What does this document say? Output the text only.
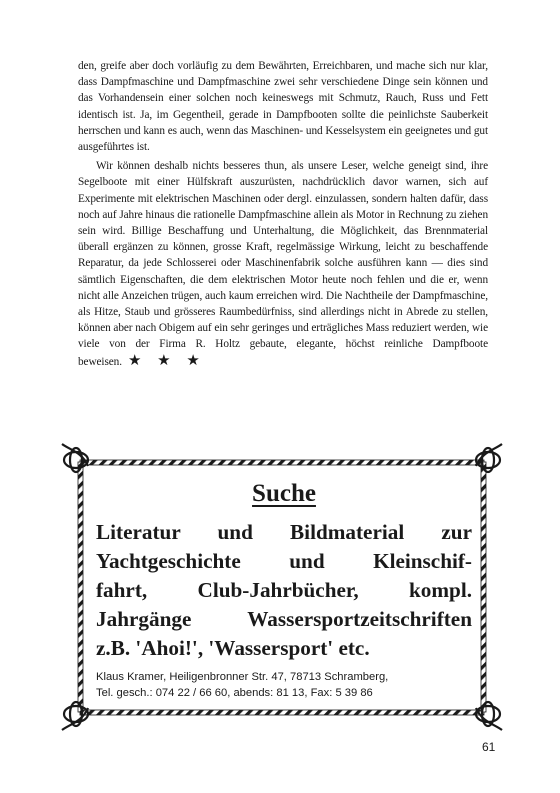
den, greife aber doch vorläufig zu dem Bewährten, Erreichbaren, und mache sich nur klar, dass Dampfmaschine und Dampfmaschine zwei sehr verschiedene Dinge sein können und das Vorhandensein einer solchen noch keineswegs mit Schmutz, Rauch, Russ und Fett identisch ist. Ja, im Gegentheil, gerade in Dampfbooten sollte die peinlichste Sauberkeit herrschen und kann es auch, wenn das Maschinen- und Kesselsystem ein geeignetes und gut ausgeführtes ist.

Wir können deshalb nichts besseres thun, als unsere Leser, welche geneigt sind, ihre Segelboote mit einer Hülfskraft auszurüsten, nachdrücklich davor warnen, sich auf Experimente mit elektrischen Maschinen oder dergl. einzulassen, sondern halten dafür, dass noch auf Jahre hinaus die rationelle Dampfmaschine allein als Motor in Rechnung zu ziehen sein wird. Billige Beschaffung und Unterhaltung, die Möglichkeit, das Brennmaterial überall ergänzen zu können, grosse Kraft, regelmässige Wirkung, leicht zu beschaffende Reparatur, da jede Schlosserei oder Maschinenfabrik solche ausführen kann — dies sind sämtlich Eigenschaften, die dem elektrischen Motor heute noch fehlen und die er, wenn nicht alle Anzeichen trügen, auch kaum erreichen wird. Die Nachtheile der Dampfmaschine, als Hitze, Staub und grösseres Raumbedürfniss, sind allerdings nicht in Abrede zu stellen, können aber nach Obigem auf ein sehr geringes und erträgliches Mass reduziert werden, wie viele von der Firma R. Holtz gebaute, elegante, höchst reinliche Dampfboote beweisen. ★ ★ ★

Suche

Literatur und Bildmaterial zur

Yachtgeschichte und Kleinschif-

fahrt, Club-Jahrbücher, kompl.

Jahrgänge Wassersportzeitschriften

z.B. 'Ahoi!', 'Wassersport' etc.

Klaus Kramer, Heiligenbronner Str. 47, 78713 Schramberg,
Tel. gesch.: 074 22 / 66 60, abends: 81 13, Fax: 5 39 86
61
